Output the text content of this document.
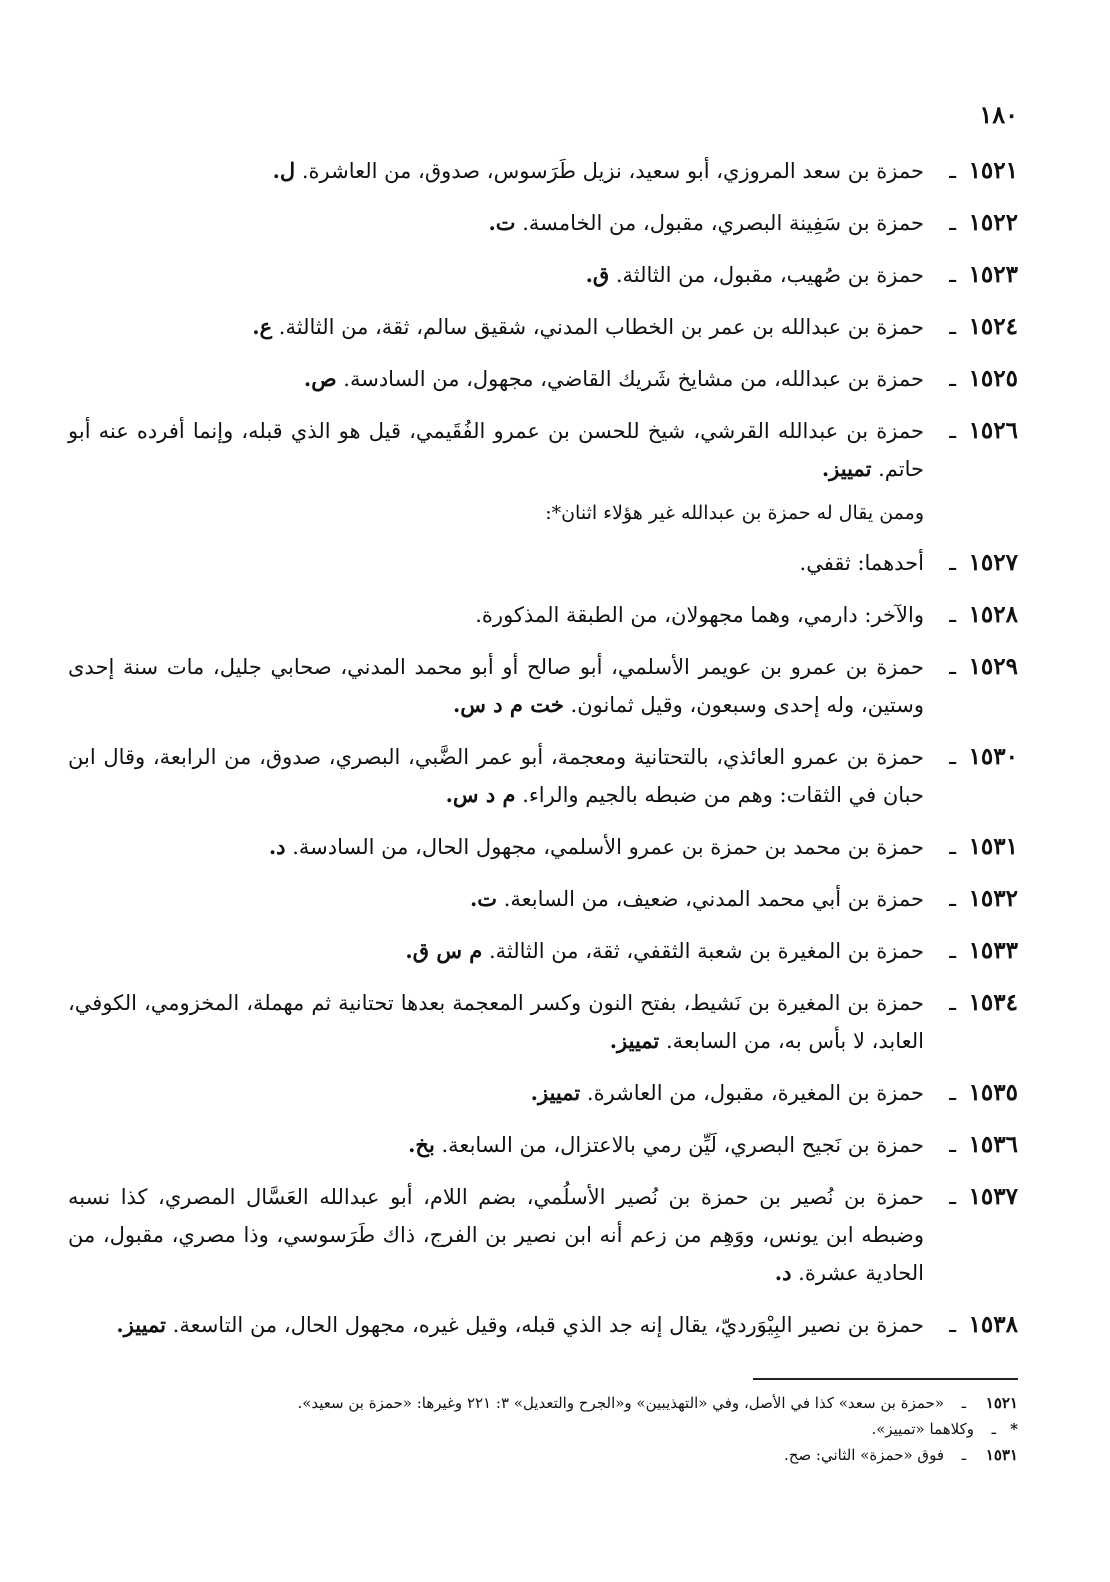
١٨٠
١٥٢١
ـ
حمزة بن سعد المروزي، أبو سعيد، نزيل طَرَسوس، صدوق، من العاشرة. ل.
١٥٢٢
ـ
حمزة بن سَفِينة البصري، مقبول، من الخامسة. ت.
١٥٢٣
ـ
حمزة بن صُهيب، مقبول، من الثالثة. ق.
١٥٢٤
ـ
حمزة بن عبدالله بن عمر بن الخطاب المدني، شقيق سالم، ثقة، من الثالثة. ع.
١٥٢٥
ـ
حمزة بن عبدالله، من مشايخ شَريك القاضي، مجهول، من السادسة. ص.
١٥٢٦
ـ
حمزة بن عبدالله القرشي، شيخ للحسن بن عمرو الفُقَيمي، قيل هو الذي قبله، وإنما أفرده عنه أبو حاتم. تمييز.
وممن يقال له حمزة بن عبدالله غير هؤلاء اثنان*:
١٥٢٧
ـ
أحدهما: ثقفي.
١٥٢٨
ـ
والآخر: دارمي، وهما مجهولان، من الطبقة المذكورة.
١٥٢٩
ـ
حمزة بن عمرو بن عويمر الأسلمي، أبو صالح أو أبو محمد المدني، صحابي جليل، مات سنة إحدى وستين، وله إحدى وسبعون، وقيل ثمانون. خت م د س.
١٥٣٠
ـ
حمزة بن عمرو العائذي، بالتحتانية ومعجمة، أبو عمر الضَّبي، البصري، صدوق، من الرابعة، وقال ابن حبان في الثقات: وهم من ضبطه بالجيم والراء. م د س.
١٥٣١
ـ
حمزة بن محمد بن حمزة بن عمرو الأسلمي، مجهول الحال، من السادسة. د.
١٥٣٢
ـ
حمزة بن أبي محمد المدني، ضعيف، من السابعة. ت.
١٥٣٣
ـ
حمزة بن المغيرة بن شعبة الثقفي، ثقة، من الثالثة. م س ق.
١٥٣٤
ـ
حمزة بن المغيرة بن نَشيط، بفتح النون وكسر المعجمة بعدها تحتانية ثم مهملة، المخزومي، الكوفي، العابد، لا بأس به، من السابعة. تمييز.
١٥٣٥
ـ
حمزة بن المغيرة، مقبول، من العاشرة. تمييز.
١٥٣٦
ـ
حمزة بن نَجيح البصري، لَيِّن رمي بالاعتزال، من السابعة. بخ.
١٥٣٧
ـ
حمزة بن نُصير بن حمزة بن نُصير الأسلُمي، بضم اللام، أبو عبدالله العَسَّال المصري، كذا نسبه وضبطه ابن يونس، ووَهِم من زعم أنه ابن نصير بن الفرج، ذاك طَرَسوسي، وذا مصري، مقبول، من الحادية عشرة. د.
١٥٣٨
ـ
حمزة بن نصير البِيْوَرديّ، يقال إنه جد الذي قبله، وقيل غيره، مجهول الحال، من التاسعة. تمييز.
١٥٢١
ـ
«حمزة بن سعد» كذا في الأصل، وفي «التهذيبين» و«الجرح والتعديل» ٣: ٢٢١ وغيرها: «حمزة بن سعيد».
*
ـ
وكلاهما «تمييز».
١٥٣١
ـ
فوق «حمزة» الثاني: صح.
